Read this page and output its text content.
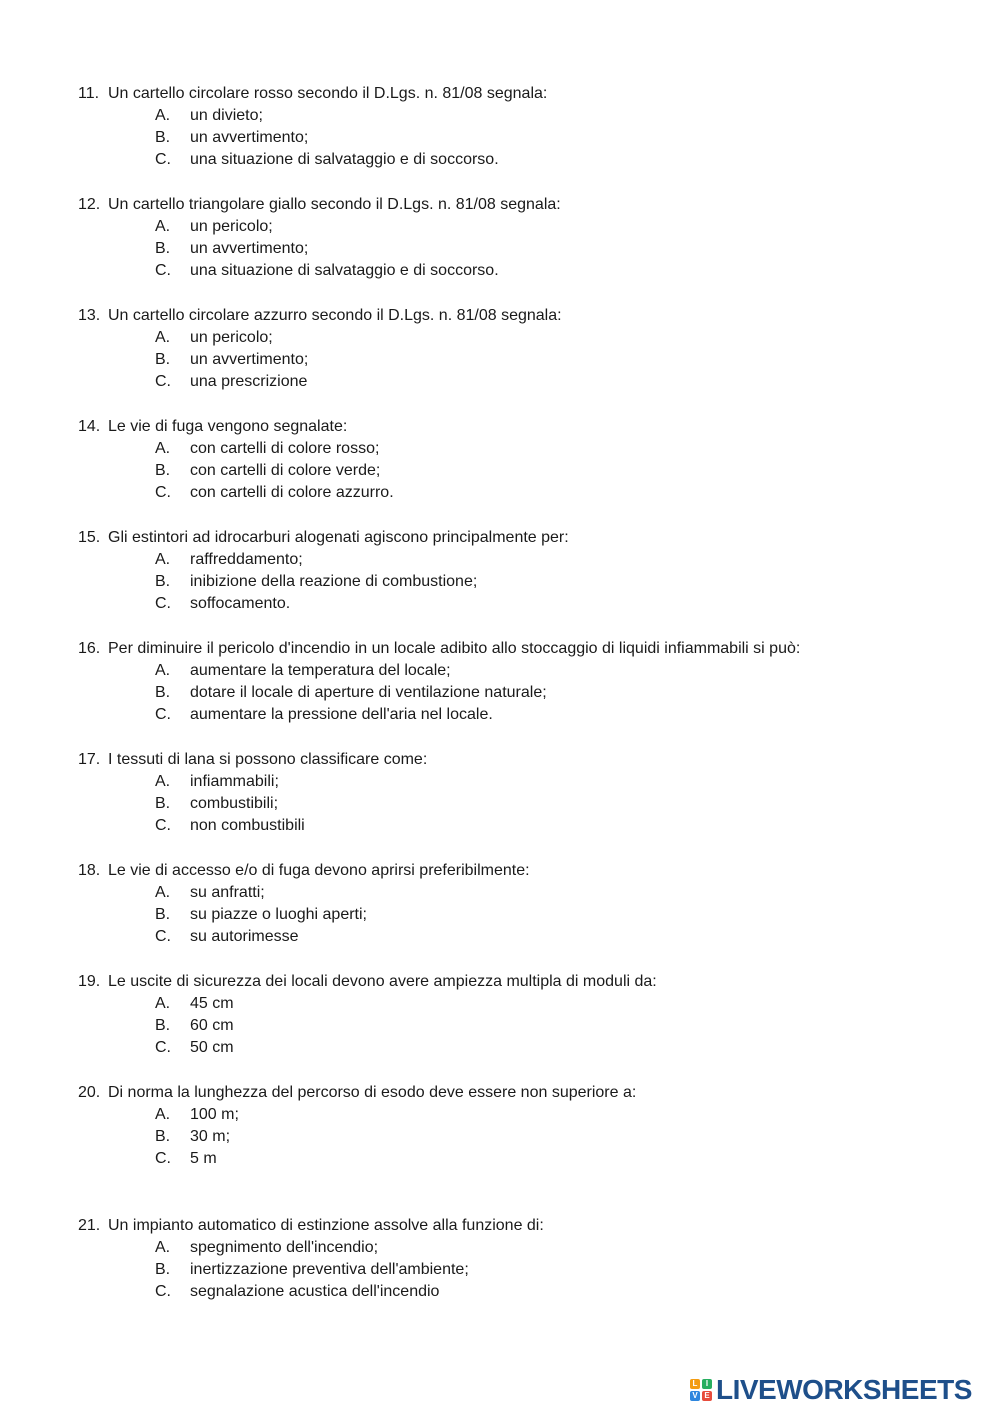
11. Un cartello circolare rosso secondo il D.Lgs. n. 81/08 segnala:
A. un divieto;
B. un avvertimento;
C. una situazione di salvataggio e di soccorso.
12. Un cartello triangolare giallo secondo il D.Lgs. n. 81/08 segnala:
A. un pericolo;
B. un avvertimento;
C. una situazione di salvataggio e di soccorso.
13. Un cartello circolare azzurro secondo il D.Lgs. n. 81/08 segnala:
A. un pericolo;
B. un avvertimento;
C. una prescrizione
14. Le vie di fuga vengono segnalate:
A. con cartelli di colore rosso;
B. con cartelli di colore verde;
C. con cartelli di colore azzurro.
15. Gli estintori ad idrocarburi alogenati agiscono principalmente per:
A. raffreddamento;
B. inibizione della reazione di combustione;
C. soffocamento.
16. Per diminuire il pericolo d'incendio in un locale adibito allo stoccaggio di liquidi infiammabili si può:
A. aumentare la temperatura del locale;
B. dotare il locale di aperture di ventilazione naturale;
C. aumentare la pressione dell'aria nel locale.
17. I tessuti di lana si possono classificare come:
A. infiammabili;
B. combustibili;
C. non combustibili
18. Le vie di accesso e/o di fuga devono aprirsi preferibilmente:
A. su anfratti;
B. su piazze o luoghi aperti;
C. su autorimesse
19. Le uscite di sicurezza dei locali devono avere ampiezza multipla di moduli da:
A. 45 cm
B. 60 cm
C. 50 cm
20. Di norma la lunghezza del percorso di esodo deve essere non superiore a:
A. 100 m;
B. 30 m;
C. 5 m
21. Un impianto automatico di estinzione assolve alla funzione di:
A. spegnimento dell'incendio;
B. inertizzazione preventiva dell'ambiente;
C. segnalazione acustica dell'incendio
L	I
V E LIVEWORKSHEETS
